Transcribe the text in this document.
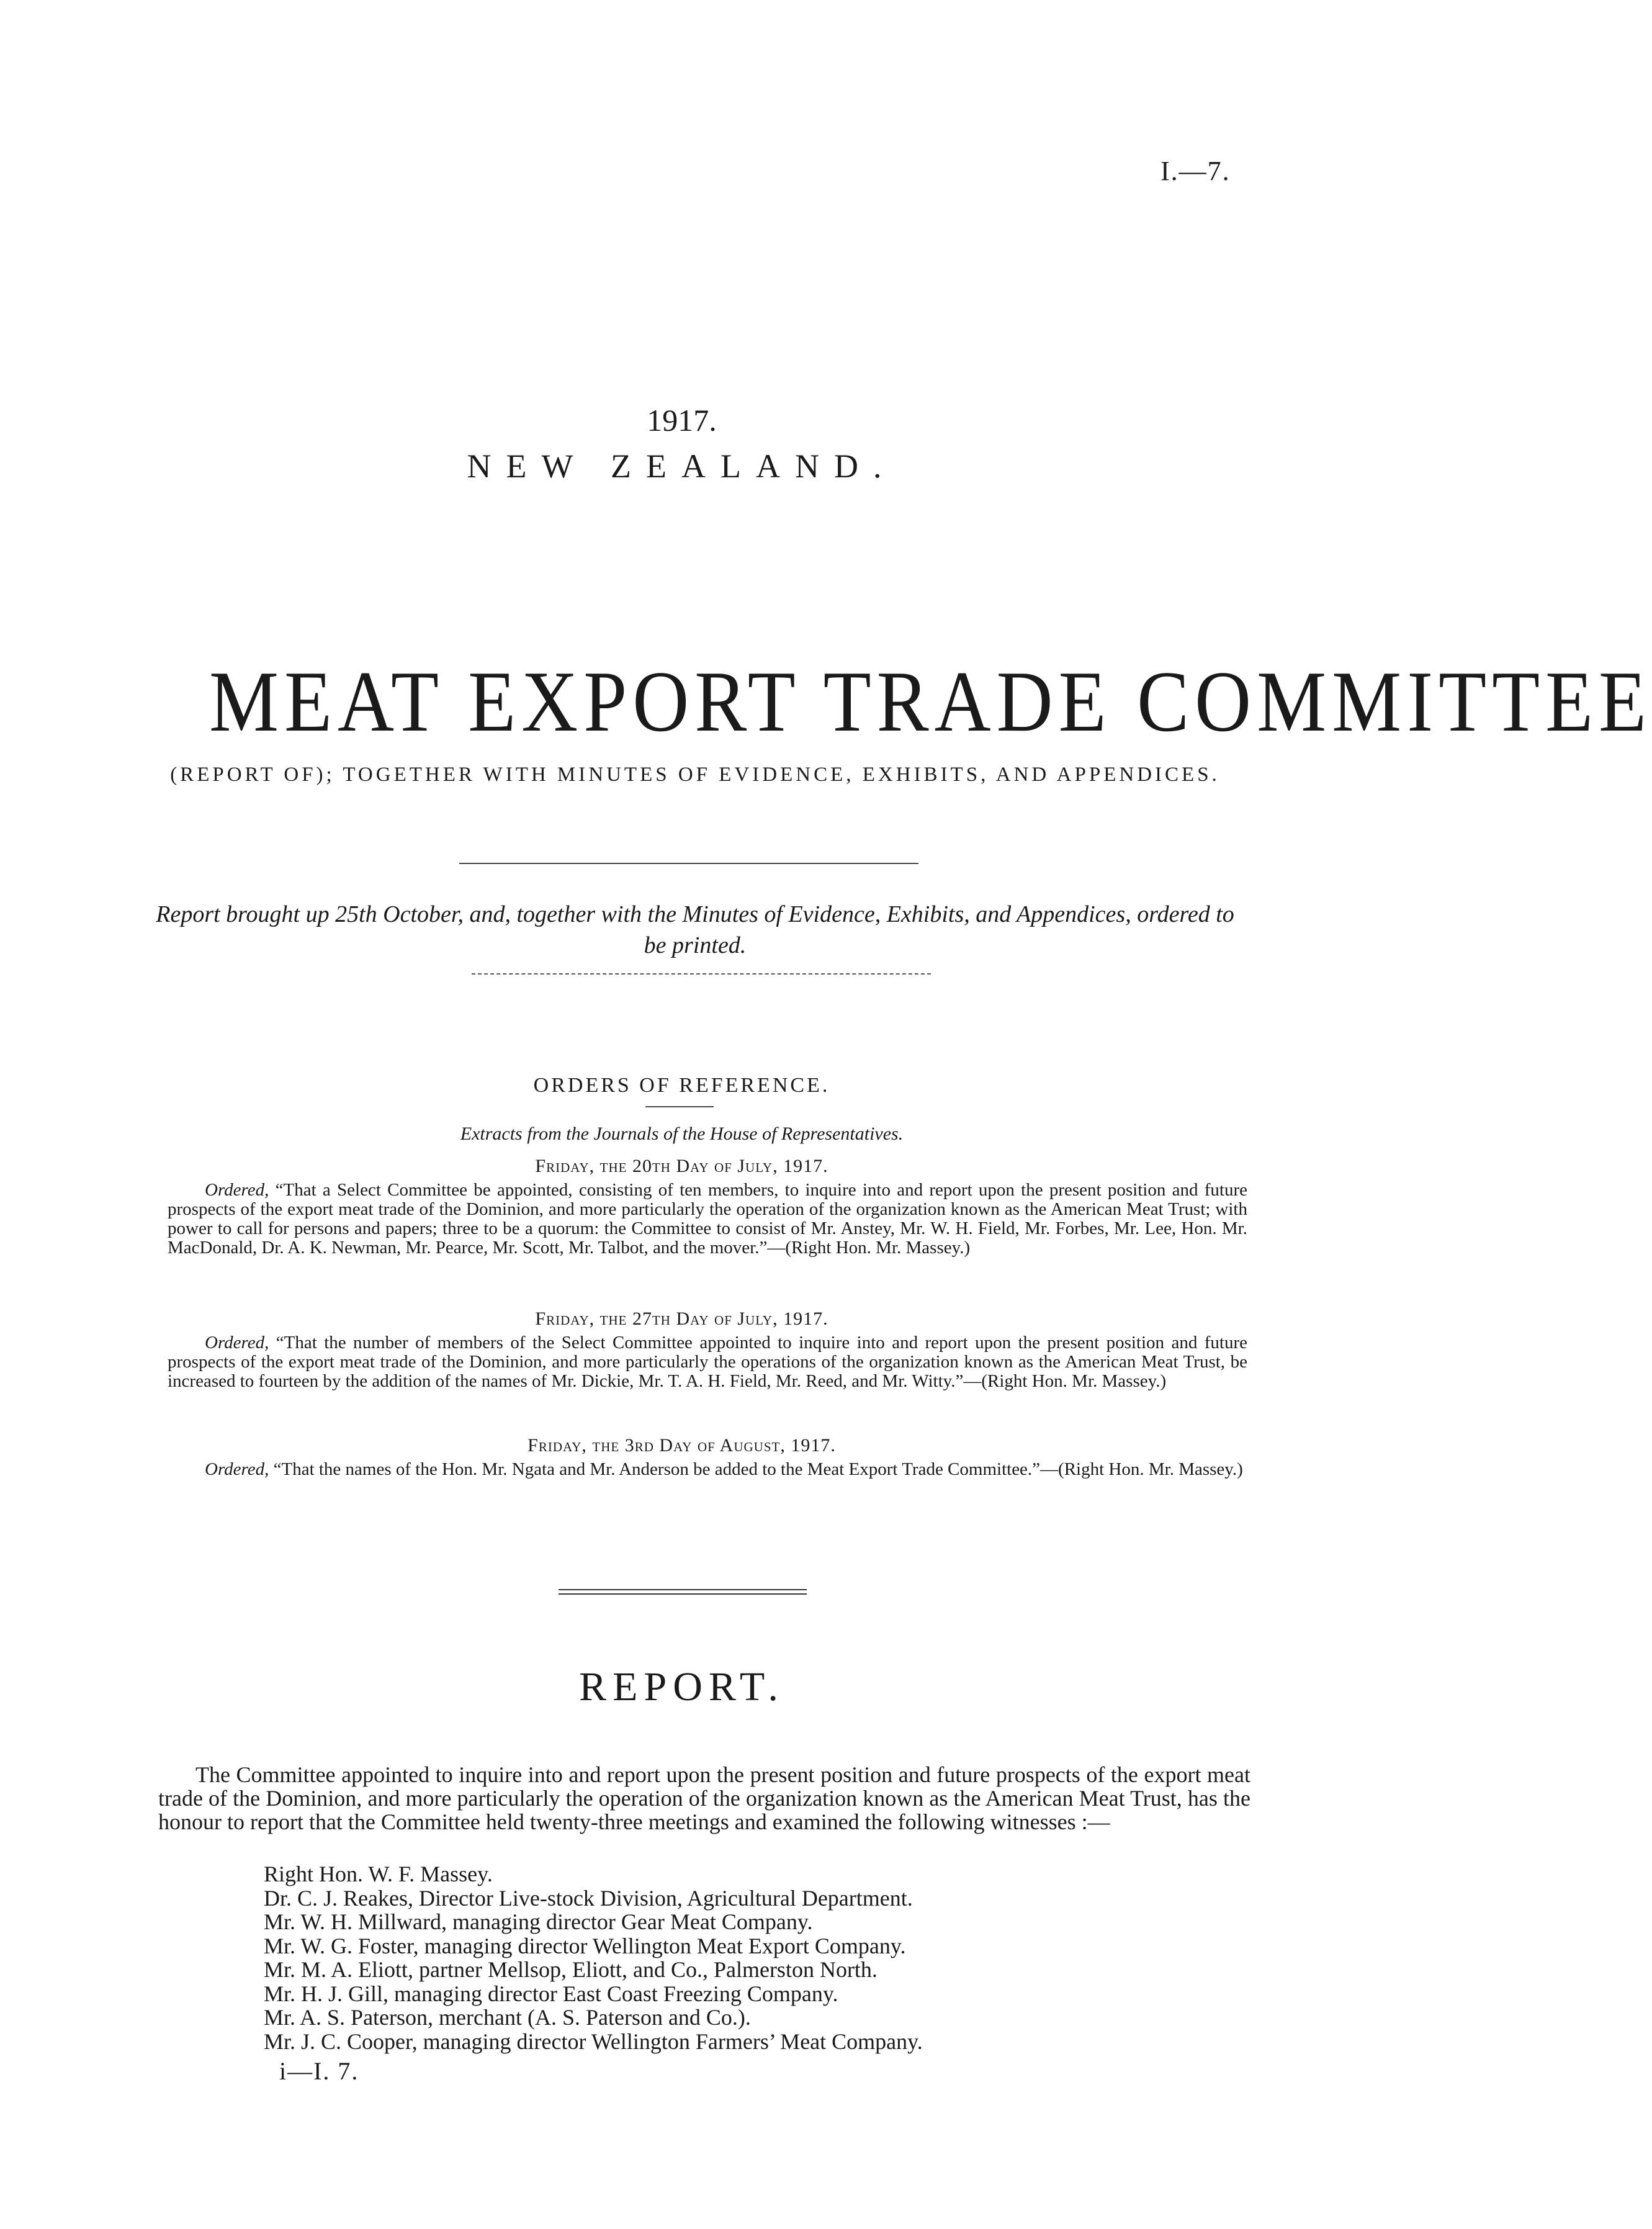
I.—7.
1917.
NEW ZEALAND.
MEAT EXPORT TRADE COMMITTEE
(REPORT OF); TOGETHER WITH MINUTES OF EVIDENCE, EXHIBITS, AND APPENDICES.
Report brought up 25th October, and, together with the Minutes of Evidence, Exhibits, and Appendices, ordered to be printed.
ORDERS OF REFERENCE.
Extracts from the Journals of the House of Representatives.
Friday, the 20th Day of July, 1917.
Ordered, “That a Select Committee be appointed, consisting of ten members, to inquire into and report upon the present position and future prospects of the export meat trade of the Dominion, and more particularly the operation of the organization known as the American Meat Trust; with power to call for persons and papers; three to be a quorum: the Committee to consist of Mr. Anstey, Mr. W. H. Field, Mr. Forbes, Mr. Lee, Hon. Mr. MacDonald, Dr. A. K. Newman, Mr. Pearce, Mr. Scott, Mr. Talbot, and the mover.”—(Right Hon. Mr. Massey.)
Friday, the 27th Day of July, 1917.
Ordered, “That the number of members of the Select Committee appointed to inquire into and report upon the present position and future prospects of the export meat trade of the Dominion, and more particularly the operations of the organization known as the American Meat Trust, be increased to fourteen by the addition of the names of Mr. Dickie, Mr. T. A. H. Field, Mr. Reed, and Mr. Witty.”—(Right Hon. Mr. Massey.)
Friday, the 3rd Day of August, 1917.
Ordered, “That the names of the Hon. Mr. Ngata and Mr. Anderson be added to the Meat Export Trade Committee.”—(Right Hon. Mr. Massey.)
REPORT.
The Committee appointed to inquire into and report upon the present position and future prospects of the export meat trade of the Dominion, and more particularly the operation of the organization known as the American Meat Trust, has the honour to report that the Committee held twenty-three meetings and examined the following witnesses :—
Right Hon. W. F. Massey.
Dr. C. J. Reakes, Director Live-stock Division, Agricultural Department.
Mr. W. H. Millward, managing director Gear Meat Company.
Mr. W. G. Foster, managing director Wellington Meat Export Company.
Mr. M. A. Eliott, partner Mellsop, Eliott, and Co., Palmerston North.
Mr. H. J. Gill, managing director East Coast Freezing Company.
Mr. A. S. Paterson, merchant (A. S. Paterson and Co.).
Mr. J. C. Cooper, managing director Wellington Farmers’ Meat Company.
i—I. 7.
